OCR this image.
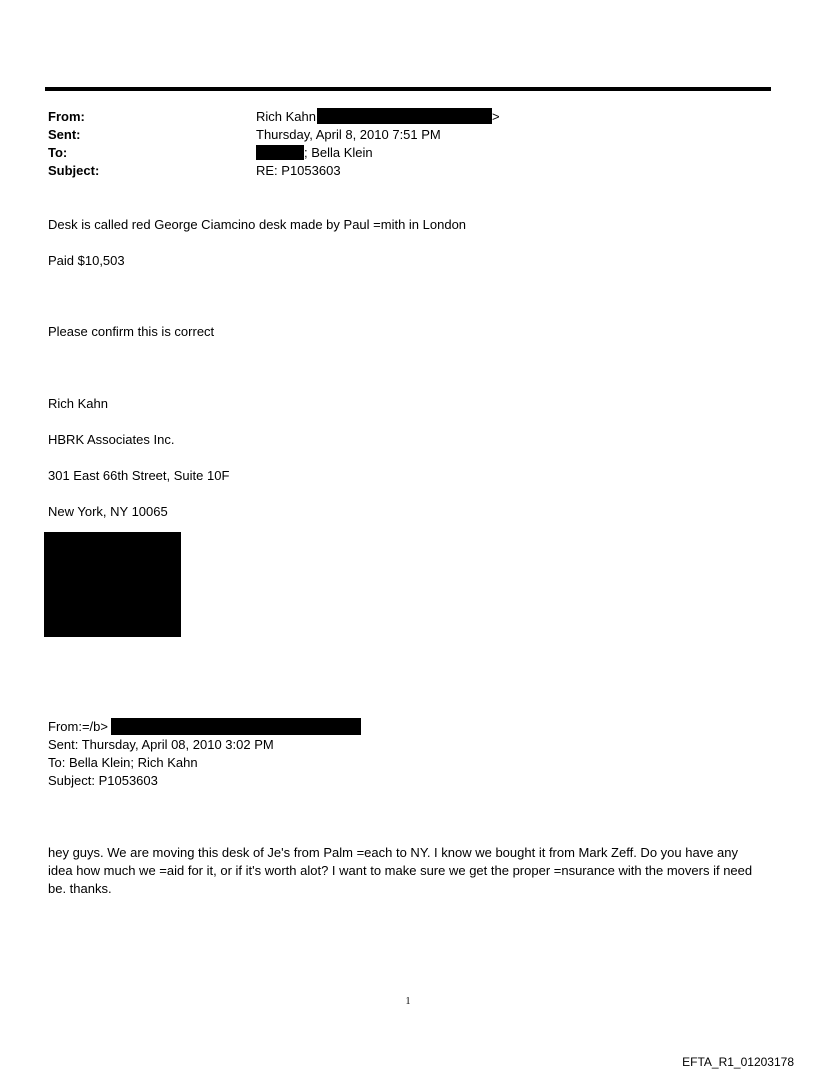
From:
Sent:
To:
Subject:
Rich Kahn	>
Thursday, April 8, 2010 7:51 PM
; Bella Klein
RE: P1053603
Desk is called red George Ciamcino desk made by Paul =mith in London
Paid $10,503
Please confirm this is correct
Rich Kahn
HBRK Associates Inc.
301 East 66th Street, Suite 10F
New York, NY 10065
From:=/b>
Sent: Thursday, April 08, 2010 3:02 PM
To: Bella Klein; Rich Kahn
Subject: P1053603
hey guys. We are moving this desk of Je's from Palm =each to NY. I know we bought it from Mark Zeff. Do you have any idea how much we =aid for it, or if it's worth alot? I want to make sure we get the proper =nsurance with the movers if need be. thanks.
1
EFTA_R1_01203178
